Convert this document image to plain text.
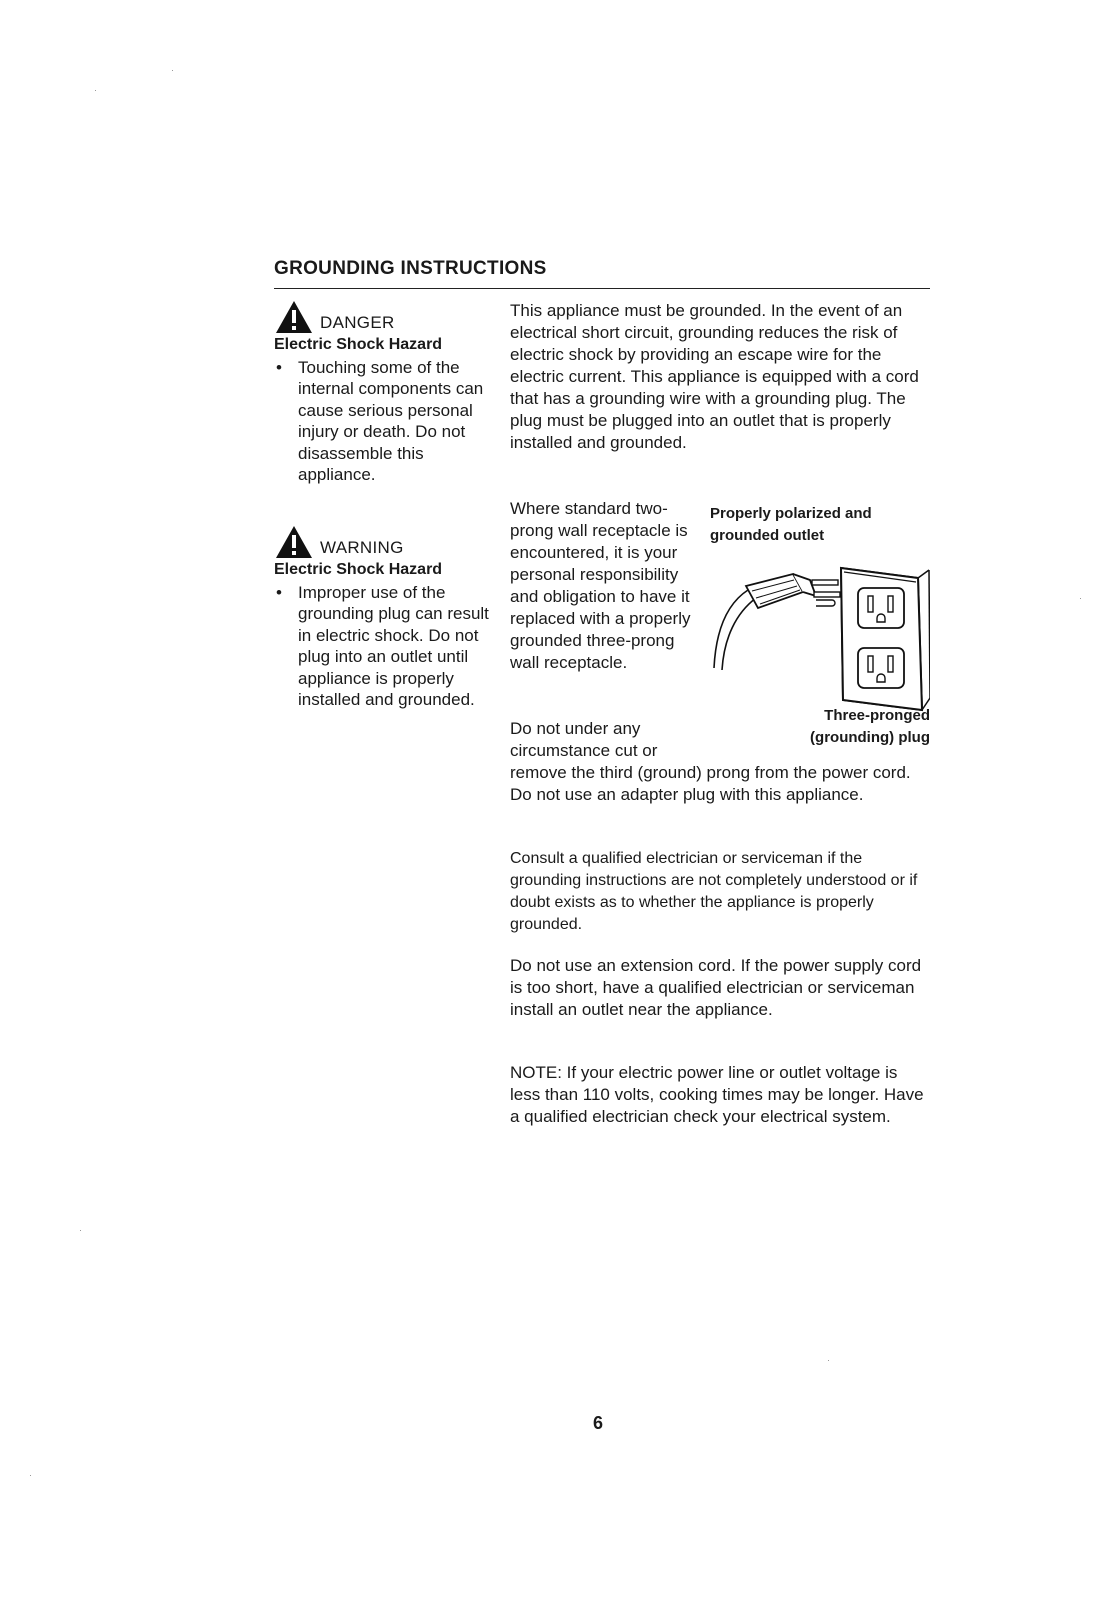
GROUNDING INSTRUCTIONS
DANGER
Electric Shock Hazard
• Touching some of the internal components can cause serious personal injury or death. Do not disassemble this appliance.
WARNING
Electric Shock Hazard
• Improper use of the grounding plug can result in electric shock. Do not plug into an outlet until appliance is properly installed and grounded.
This appliance must be grounded. In the event of an electrical short circuit, grounding reduces the risk of electric shock by providing an escape wire for the electric current. This appliance is equipped with a cord that has a grounding wire with a grounding plug. The plug must be plugged into an outlet that is properly installed and grounded.
Where standard two-prong wall receptacle is encountered, it is your personal responsibility and obligation to have it replaced with a properly grounded three-prong wall receptacle.
Properly polarized and grounded outlet
Three-pronged (grounding) plug
Do not under any circumstance cut or
remove the third (ground) prong from the power cord. Do not use an adapter plug with this appliance.
Consult a qualified electrician or serviceman if the grounding instructions are not completely understood or if doubt exists as to whether the appliance is properly grounded.
Do not use an extension cord. If the power supply cord is too short, have a qualified electrician or serviceman install an outlet near the appliance.
NOTE: If your electric power line or outlet voltage is less than 110 volts, cooking times may be longer. Have a qualified electrician check your electrical system.
6
